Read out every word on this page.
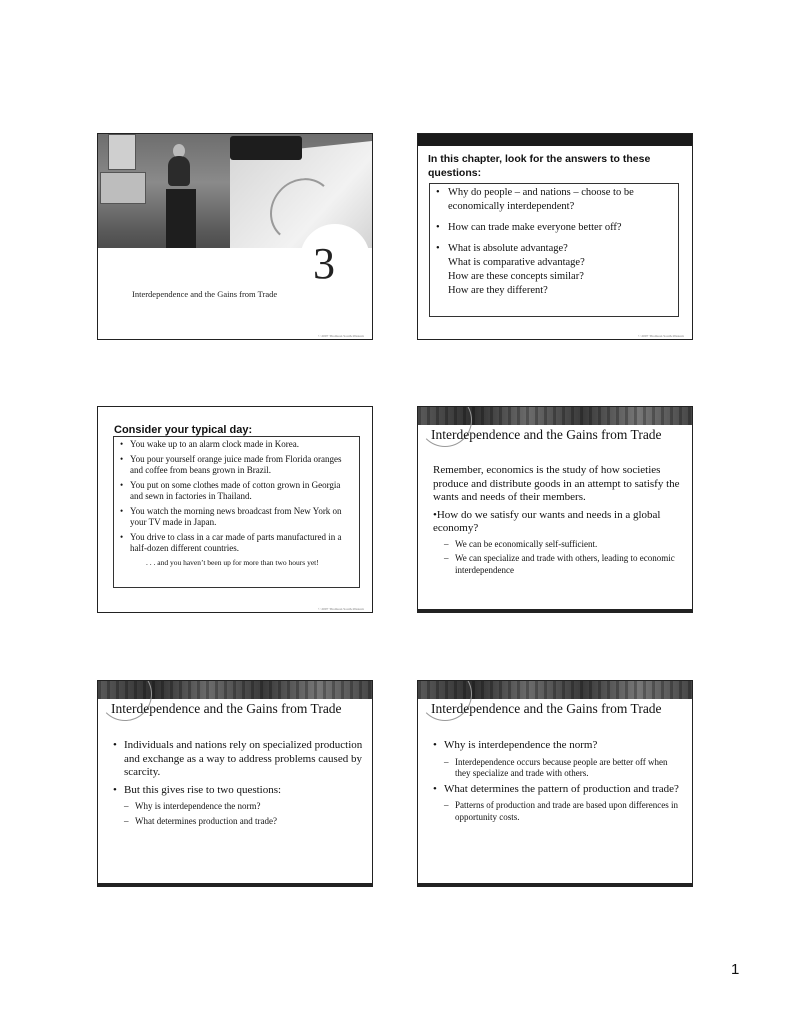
3
Interdependence and the Gains from Trade
© 2007 Thomson South-Western
In this chapter, look for the answers to these questions:
• Why do people – and nations – choose to be economically interdependent?
• How can trade make everyone better off?
• What is absolute advantage?
What is comparative advantage?
How are these concepts similar?
How are they different?
© 2007 Thomson South-Western
Consider your typical day:
• You wake up to an alarm clock made in Korea.
• You pour yourself orange juice made from Florida oranges and coffee from beans grown in Brazil.
• You put on some clothes made of cotton grown in Georgia and sewn in factories in Thailand.
• You watch the morning news broadcast from New York on your TV made in Japan.
• You drive to class in a car made of parts manufactured in a half-dozen different countries.
. . . and you haven’t been up for more than two hours yet!
© 2007 Thomson South-Western
Interdependence and the Gains from Trade

Remember, economics is the study of how societies produce and distribute goods in an attempt to satisfy the wants and needs of their members.

•How do we satisfy our wants and needs in a global economy?

– We can be economically self-sufficient.
– We can specialize and trade with others, leading to economic interdependence
Interdependence and the Gains from Trade
• Individuals and nations rely on specialized production and exchange as a way to address problems caused by scarcity.
• But this gives rise to two questions:
– Why is interdependence the norm?
– What determines production and trade?
Interdependence and the Gains from Trade
• Why is interdependence the norm?
– Interdependence occurs because people are better off when they specialize and trade with others.
• What determines the pattern of production and trade?
– Patterns of production and trade are based upon differences in opportunity costs.
1
